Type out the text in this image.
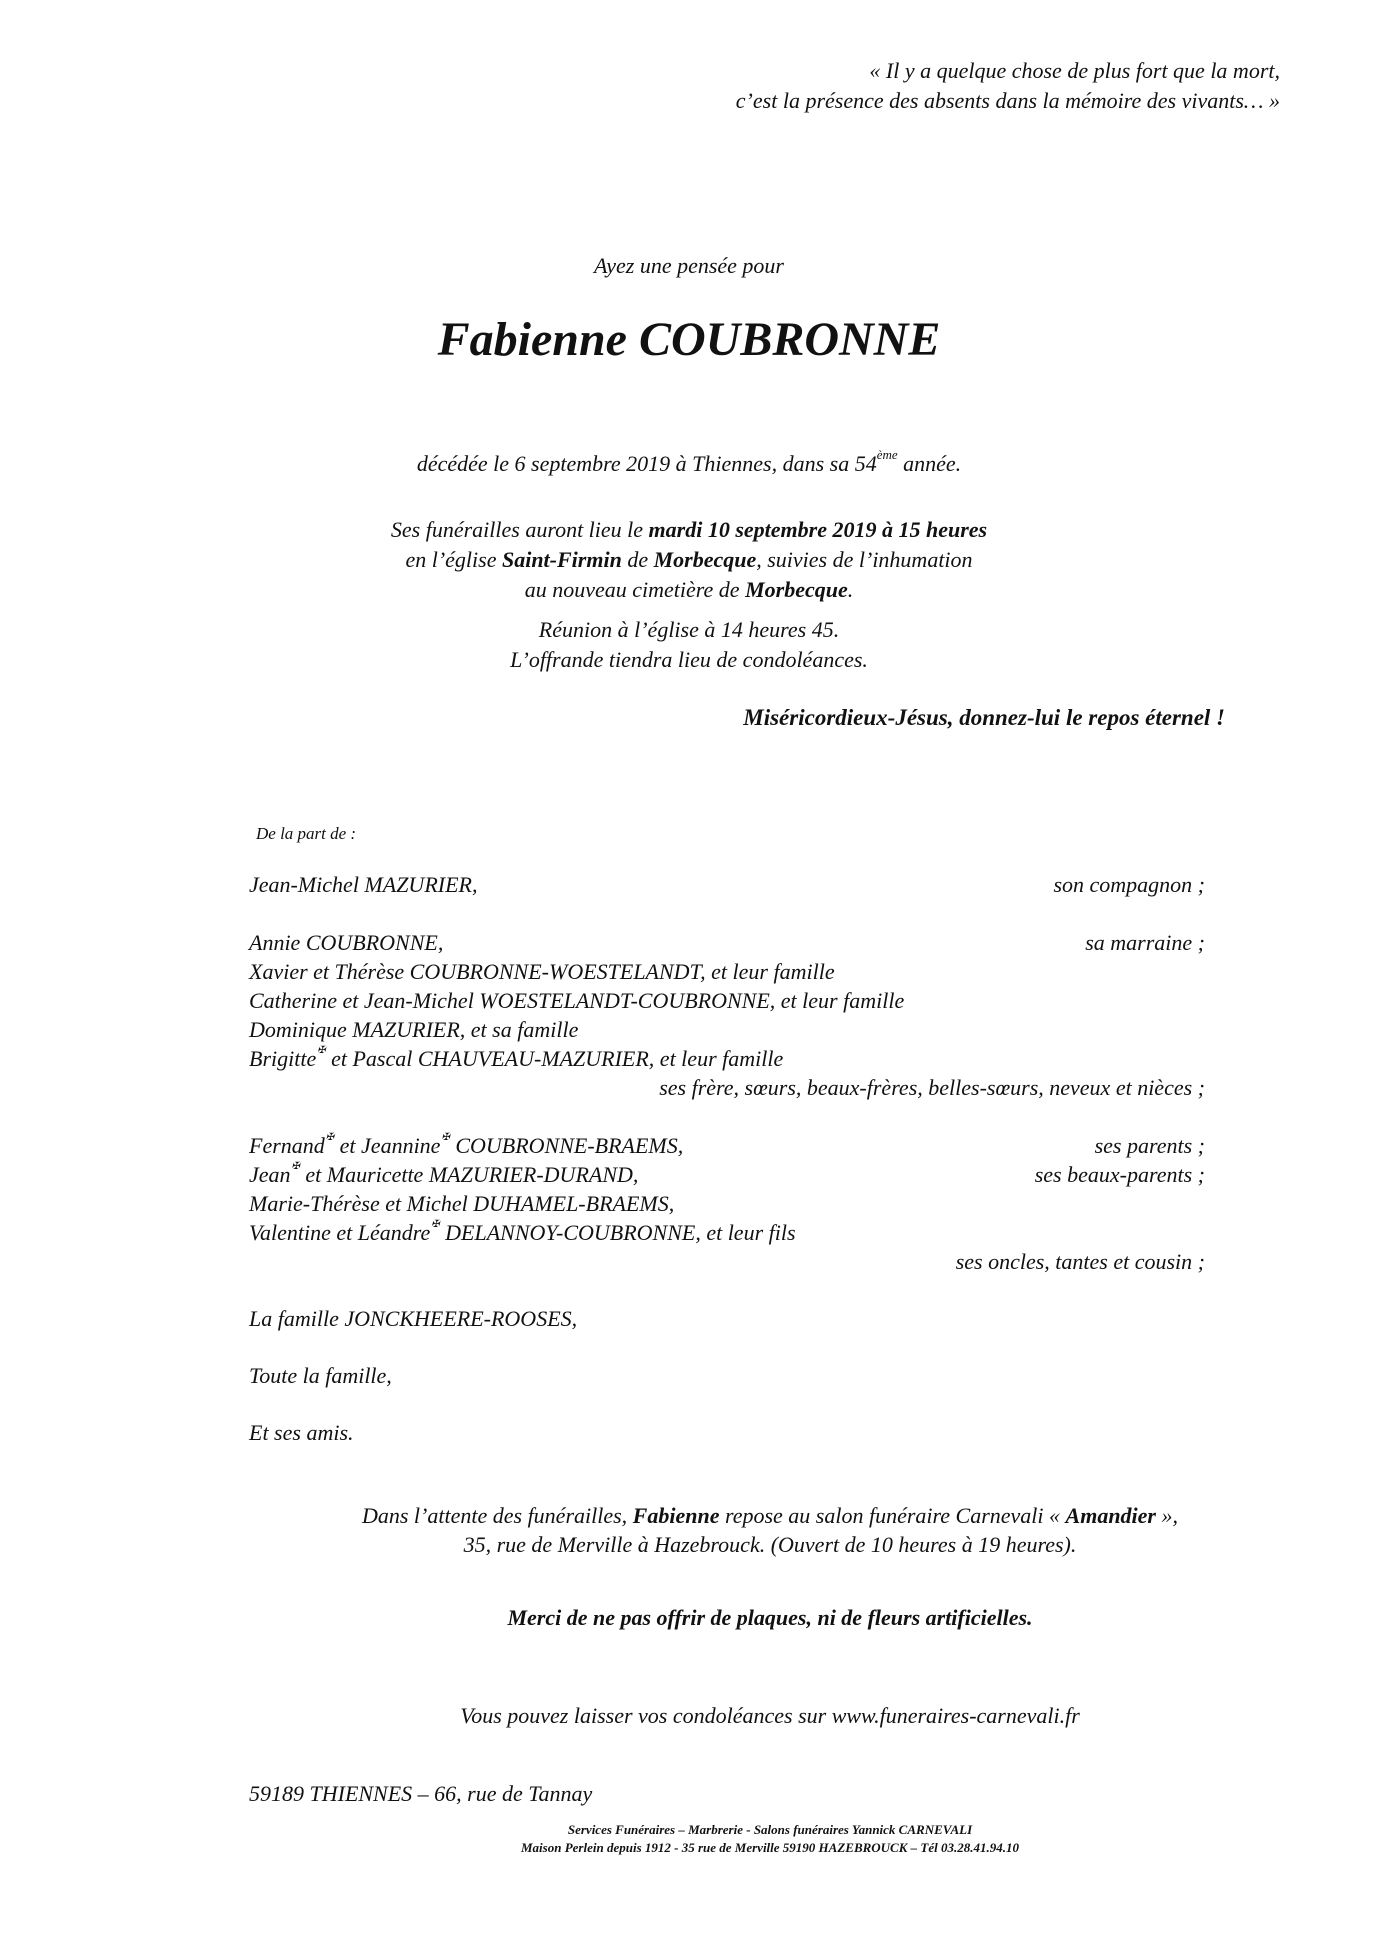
« Il y a quelque chose de plus fort que la mort,
c’est la présence des absents dans la mémoire des vivants… »
Ayez une pensée pour
Fabienne COUBRONNE
décédée le 6 septembre 2019 à Thiennes, dans sa 54ème année.
Ses funérailles auront lieu le mardi 10 septembre 2019 à 15 heures
en l’église Saint-Firmin de Morbecque, suivies de l’inhumation
au nouveau cimetière de Morbecque.
Réunion à l’église à 14 heures 45.
L’offrande tiendra lieu de condoléances.
Miséricordieux-Jésus, donnez-lui le repos éternel !
De la part de :
Jean-Michel MAZURIER,	son compagnon ;
Annie COUBRONNE,	sa marraine ;
Xavier et Thérèse COUBRONNE-WOESTELANDT, et leur famille
Catherine et Jean-Michel WOESTELANDT-COUBRONNE, et leur famille
Dominique MAZURIER, et sa famille
Brigitte✠ et Pascal CHAUVEAU-MAZURIER, et leur famille
ses frère, sœurs, beaux-frères, belles-sœurs, neveux et nièces ;
Fernand✠ et Jeannine✠ COUBRONNE-BRAEMS,	ses parents ;
Jean✠ et Mauricette MAZURIER-DURAND,	ses beaux-parents ;
Marie-Thérèse et Michel DUHAMEL-BRAEMS,
Valentine et Léandre✠ DELANNOY-COUBRONNE, et leur fils
ses oncles, tantes et cousin ;
La famille JONCKHEERE-ROOSES,
Toute la famille,
Et ses amis.
Dans l’attente des funérailles, Fabienne repose au salon funéraire Carnevali « Amandier »,
35, rue de Merville à Hazebrouck. (Ouvert de 10 heures à 19 heures).
Merci de ne pas offrir de plaques, ni de fleurs artificielles.
Vous pouvez laisser vos condoléances sur www.funeraires-carnevali.fr
59189 THIENNES – 66, rue de Tannay
Services Funéraires – Marbrerie - Salons funéraires Yannick CARNEVALI
Maison Perlein depuis 1912 - 35 rue de Merville 59190 HAZEBROUCK – Tél 03.28.41.94.10
